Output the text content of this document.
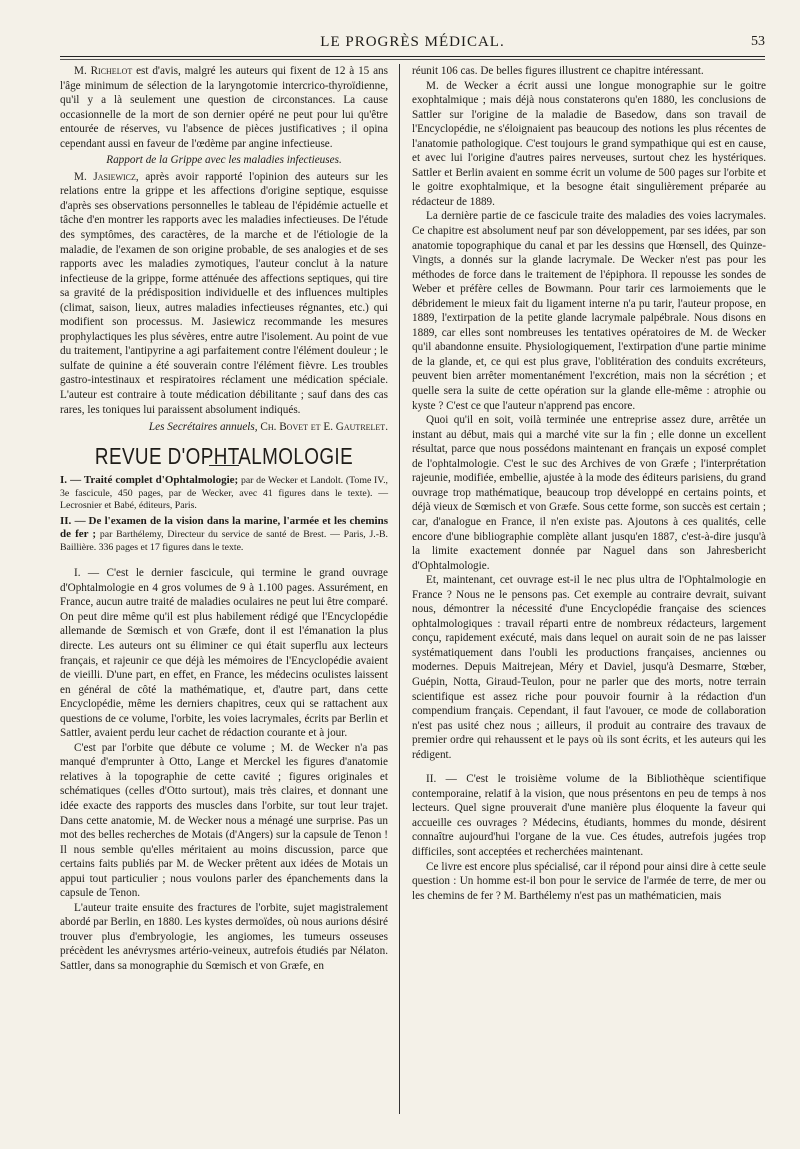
LE PROGRÈS MÉDICAL.	53

M. Richelot est d'avis, malgré les auteurs qui fixent de 12 à 15 ans l'âge minimum de sélection de la laryngotomie intercrico-thyroïdienne, qu'il y a là seulement une question de circonstances. La cause occasionnelle de la mort de son dernier opéré ne peut pour lui qu'être entourée de réserves, vu l'absence de pièces justificatives ; il opina cependant aussi en faveur de l'œdème par angine infectieuse.

Rapport de la Grippe avec les maladies infectieuses.

M. Jasiewicz, après avoir rapporté l'opinion des auteurs sur les relations entre la grippe et les affections d'origine septique, esquisse d'après ses observations personnelles le tableau de l'épidémie actuelle et tâche d'en montrer les rapports avec les maladies infectieuses. De l'étude des symptômes, des caractères, de la marche et de l'étiologie de la maladie, de l'examen de son origine probable, de ses analogies et de ses rapports avec les maladies zymotiques, l'auteur conclut à la nature infectieuse de la grippe, forme atténuée des affections septiques, qui tire sa gravité de la prédisposition individuelle et des influences multiples (climat, saison, lieux, autres maladies infectieuses régnantes, etc.) qui modifient son processus. M. Jasiewicz recommande les mesures prophylactiques les plus sévères, entre autre l'isolement. Au point de vue du traitement, l'antipyrine a agi parfaitement contre l'élément douleur ; le sulfate de quinine a été souverain contre l'élément fièvre. Les troubles gastro-intestinaux et respiratoires réclament une médication spéciale. L'auteur est contraire à toute médication débilitante ; sauf dans des cas rares, les toniques lui paraissent absolument indiqués.

Les Secrétaires annuels, Ch. Bovet et E. Gautrelet.

REVUE D'OPHTALMOLOGIE

I. — Traité complet d'Ophtalmologie; par de Wecker et Landolt. (Tome IV., 3e fascicule, 450 pages, par de Wecker, avec 41 figures dans le texte). — Lecrosnier et Babé, éditeurs, Paris.

II. — De l'examen de la vision dans la marine, l'armée et les chemins de fer ; par Barthélemy, Directeur du service de santé de Brest. — Paris, J.-B. Baillière. 336 pages et 17 figures dans le texte.

I. — C'est le dernier fascicule, qui termine le grand ouvrage d'Ophtalmologie en 4 gros volumes de 9 à 1.100 pages. Assurément, en France, aucun autre traité de maladies oculaires ne peut lui être comparé. On peut dire même qu'il est plus habilement rédigé que l'Encyclopédie allemande de Sœmisch et von Græfe, dont il est l'émanation la plus directe. Les auteurs ont su éliminer ce qui était superflu aux lecteurs français, et rajeunir ce que déjà les mémoires de l'Encyclopédie avaient de vieilli. D'une part, en effet, en France, les médecins oculistes laissent en général de côté la mathématique, et, d'autre part, dans cette Encyclopédie, même les derniers chapitres, ceux qui se rattachent aux questions de ce volume, l'orbite, les voies lacrymales, écrits par Berlin et Sattler, avaient perdu leur cachet de rédaction courante et à jour.

C'est par l'orbite que débute ce volume ; M. de Wecker n'a pas manqué d'emprunter à Otto, Lange et Merckel les figures d'anatomie relatives à la topographie de cette cavité ; figures originales et schématiques (celles d'Otto surtout), mais très claires, et donnant une idée exacte des rapports des muscles dans l'orbite, sur tout leur trajet. Dans cette anatomie, M. de Wecker nous a ménagé une surprise. Pas un mot des belles recherches de Motais (d'Angers) sur la capsule de Tenon ! Il nous semble qu'elles méritaient au moins discussion, parce que certains faits publiés par M. de Wecker prêtent aux idées de Motais un appui tout particulier ; nous voulons parler des épanchements dans la capsule de Tenon.

L'auteur traite ensuite des fractures de l'orbite, sujet magistralement abordé par Berlin, en 1880. Les kystes dermoïdes, où nous aurions désiré trouver plus d'embryologie, les angiomes, les tumeurs osseuses précèdent les anévrysmes artério-veineux, autrefois étudiés par Nélaton. Sattler, dans sa monographie du Sœmisch et von Græfe, en

réunit 106 cas. De belles figures illustrent ce chapitre intéressant.

M. de Wecker a écrit aussi une longue monographie sur le goitre exophtalmique ; mais déjà nous constaterons qu'en 1880, les conclusions de Sattler sur l'origine de la maladie de Basedow, dans son travail de l'Encyclopédie, ne s'éloignaient pas beaucoup des notions les plus récentes de l'anatomie pathologique. C'est toujours le grand sympathique qui est en cause, et avec lui l'origine d'autres paires nerveuses, surtout chez les hystériques. Sattler et Berlin avaient en somme écrit un volume de 500 pages sur l'orbite et le goitre exophtalmique, et la besogne était singulièrement préparée au rédacteur de 1889.

La dernière partie de ce fascicule traite des maladies des voies lacrymales. Ce chapitre est absolument neuf par son développement, par ses idées, par son anatomie topographique du canal et par les dessins que Hœnsell, des Quinze-Vingts, a donnés sur la glande lacrymale. De Wecker n'est pas pour les méthodes de force dans le traitement de l'épiphora. Il repousse les sondes de Weber et préfère celles de Bowmann. Pour tarir ces larmoiements que le débridement le mieux fait du ligament interne n'a pu tarir, l'auteur propose, en 1889, l'extirpation de la petite glande lacrymale palpébrale. Nous disons en 1889, car elles sont nombreuses les tentatives opératoires de M. de Wecker qu'il abandonne ensuite. Physiologiquement, l'extirpation d'une partie minime de la glande, et, ce qui est plus grave, l'oblitération des conduits excréteurs, peuvent bien arrêter momentanément l'excrétion, mais non la sécrétion ; et quelle sera la suite de cette opération sur la glande elle-même : atrophie ou kyste ? C'est ce que l'auteur n'apprend pas encore.

Quoi qu'il en soit, voilà terminée une entreprise assez dure, arrêtée un instant au début, mais qui a marché vite sur la fin ; elle donne un excellent résultat, parce que nous possédons maintenant en français un exposé complet de l'ophtalmologie. C'est le suc des Archives de von Græfe ; l'interprétation rajeunie, modifiée, embellie, ajustée à la mode des éditeurs parisiens, du grand ouvrage trop mathématique, beaucoup trop développé en certains points, et déjà vieux de Sœmisch et von Græfe. Sous cette forme, son succès est certain ; car, d'analogue en France, il n'en existe pas. Ajoutons à ces qualités, celle encore d'une bibliographie complète allant jusqu'en 1887, c'est-à-dire jusqu'à la limite exactement donnée par Naguel dans son Jahresbericht d'Ophtalmologie.

Et, maintenant, cet ouvrage est-il le nec plus ultra de l'Ophtalmologie en France ? Nous ne le pensons pas. Cet exemple au contraire devrait, suivant nous, démontrer la nécessité d'une Encyclopédie française des sciences ophtalmologiques : travail réparti entre de nombreux rédacteurs, largement conçu, rapidement exécuté, mais dans lequel on aurait soin de ne pas laisser systématiquement dans l'oubli les productions françaises, anciennes ou modernes. Depuis Maitrejean, Méry et Daviel, jusqu'à Desmarre, Stœber, Guépin, Notta, Giraud-Teulon, pour ne parler que des morts, notre terrain scientifique est assez riche pour pouvoir fournir à la rédaction d'un compendium français. Cependant, il faut l'avouer, ce mode de collaboration n'est pas usité chez nous ; ailleurs, il produit au contraire des travaux de premier ordre qui rehaussent et le pays où ils sont écrits, et les auteurs qui les rédigent.

II. — C'est le troisième volume de la Bibliothèque scientifique contemporaine, relatif à la vision, que nous présentons en peu de temps à nos lecteurs. Quel signe prouverait d'une manière plus éloquente la faveur qui accueille ces ouvrages ? Médecins, étudiants, hommes du monde, désirent connaître aujourd'hui l'organe de la vue. Ces études, autrefois jugées trop difficiles, sont acceptées et recherchées maintenant.

Ce livre est encore plus spécialisé, car il répond pour ainsi dire à cette seule question : Un homme est-il bon pour le service de l'armée de terre, de mer ou les chemins de fer ? M. Barthélemy n'est pas un mathématicien, mais
